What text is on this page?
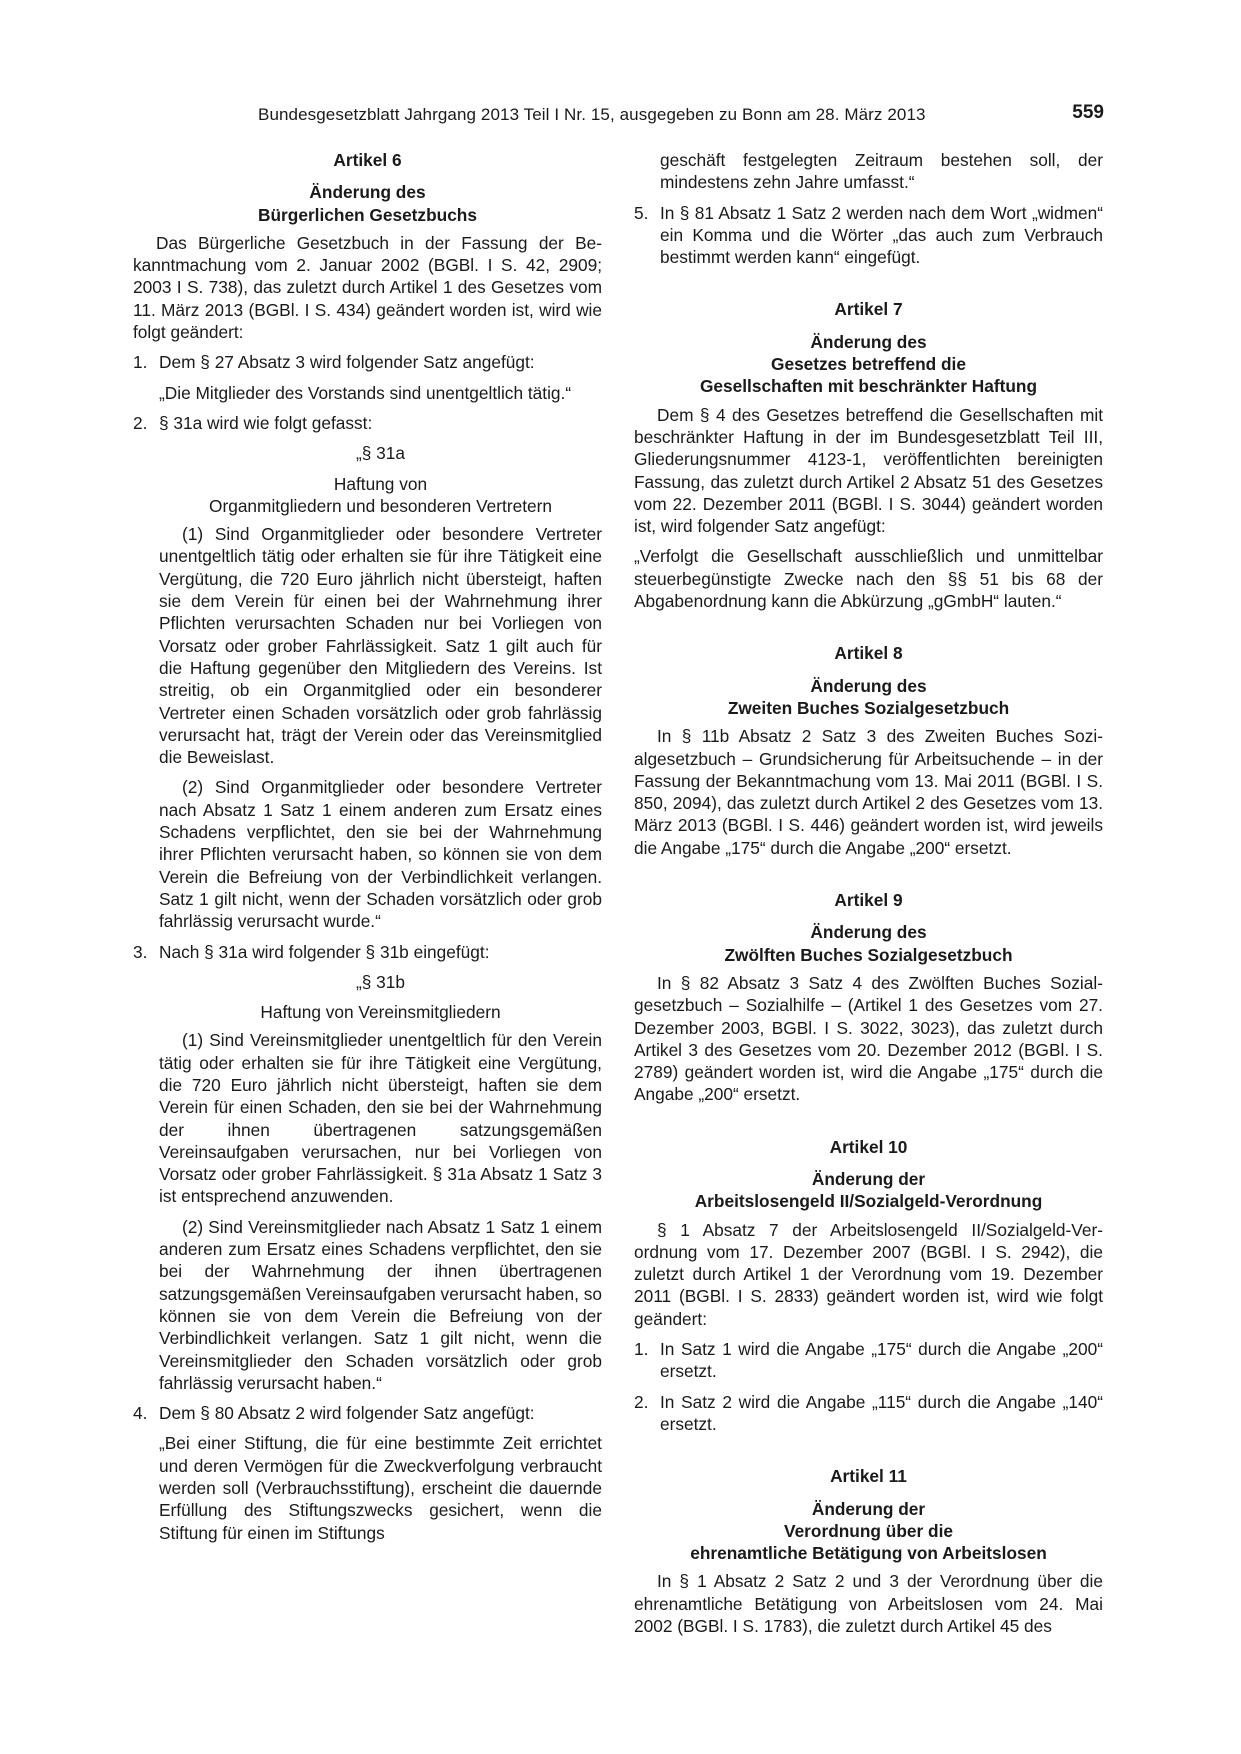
Bundesgesetzblatt Jahrgang 2013 Teil I Nr. 15, ausgegeben zu Bonn am 28. März 2013	559

Artikel 6

Änderung des

Bürgerlichen Gesetzbuchs

Das Bürgerliche Gesetzbuch in der Fassung der Bekanntmachung vom 2. Januar 2002 (BGBl. I S. 42, 2909; 2003 I S. 738), das zuletzt durch Artikel 1 des Gesetzes vom 11. März 2013 (BGBl. I S. 434) geändert worden ist, wird wie folgt geändert:

1. Dem § 27 Absatz 3 wird folgender Satz angefügt:

„Die Mitglieder des Vorstands sind unentgeltlich tätig.“

2. § 31a wird wie folgt gefasst:

„§ 31a

Haftung von

Organmitgliedern und besonderen Vertretern

(1) Sind Organmitglieder oder besondere Vertreter unentgeltlich tätig oder erhalten sie für ihre Tätigkeit eine Vergütung, die 720 Euro jährlich nicht übersteigt, haften sie dem Verein für einen bei der Wahrnehmung ihrer Pflichten verursachten Schaden nur bei Vorliegen von Vorsatz oder grober Fahrlässigkeit. Satz 1 gilt auch für die Haftung gegenüber den Mitgliedern des Vereins. Ist streitig, ob ein Organmitglied oder ein besonderer Vertreter einen Schaden vorsätzlich oder grob fahrlässig verursacht hat, trägt der Verein oder das Vereinsmitglied die Beweislast.

(2) Sind Organmitglieder oder besondere Vertreter nach Absatz 1 Satz 1 einem anderen zum Ersatz eines Schadens verpflichtet, den sie bei der Wahrnehmung ihrer Pflichten verursacht haben, so können sie von dem Verein die Befreiung von der Verbindlichkeit verlangen. Satz 1 gilt nicht, wenn der Schaden vorsätzlich oder grob fahrlässig verursacht wurde.“

3. Nach § 31a wird folgender § 31b eingefügt:

„§ 31b

Haftung von Vereinsmitgliedern

(1) Sind Vereinsmitglieder unentgeltlich für den Verein tätig oder erhalten sie für ihre Tätigkeit eine Vergütung, die 720 Euro jährlich nicht übersteigt, haften sie dem Verein für einen Schaden, den sie bei der Wahrnehmung der ihnen übertragenen satzungsgemäßen Vereinsaufgaben verursachen, nur bei Vorliegen von Vorsatz oder grober Fahrlässigkeit. § 31a Absatz 1 Satz 3 ist entsprechend anzuwenden.

(2) Sind Vereinsmitglieder nach Absatz 1 Satz 1 einem anderen zum Ersatz eines Schadens verpflichtet, den sie bei der Wahrnehmung der ihnen übertragenen satzungsgemäßen Vereinsaufgaben verursacht haben, so können sie von dem Verein die Befreiung von der Verbindlichkeit verlangen. Satz 1 gilt nicht, wenn die Vereinsmitglieder den Schaden vorsätzlich oder grob fahrlässig verursacht haben.“

4. Dem § 80 Absatz 2 wird folgender Satz angefügt:

„Bei einer Stiftung, die für eine bestimmte Zeit errichtet und deren Vermögen für die Zweckverfolgung verbraucht werden soll (Verbrauchsstiftung), erscheint die dauernde Erfüllung des Stiftungszwecks gesichert, wenn die Stiftung für einen im Stiftungs

geschäft festgelegten Zeitraum bestehen soll, der mindestens zehn Jahre umfasst.“

5. In § 81 Absatz 1 Satz 2 werden nach dem Wort „widmen“ ein Komma und die Wörter „das auch zum Verbrauch bestimmt werden kann“ eingefügt.

Artikel 7

Änderung des

Gesetzes betreffend die

Gesellschaften mit beschränkter Haftung

Dem § 4 des Gesetzes betreffend die Gesellschaften mit beschränkter Haftung in der im Bundesgesetzblatt Teil III, Gliederungsnummer 4123-1, veröffentlichten bereinigten Fassung, das zuletzt durch Artikel 2 Absatz 51 des Gesetzes vom 22. Dezember 2011 (BGBl. I S. 3044) geändert worden ist, wird folgender Satz angefügt:

„Verfolgt die Gesellschaft ausschließlich und unmittelbar steuerbegünstigte Zwecke nach den §§ 51 bis 68 der Abgabenordnung kann die Abkürzung „gGmbH“ lauten.“

Artikel 8

Änderung des

Zweiten Buches Sozialgesetzbuch

In § 11b Absatz 2 Satz 3 des Zweiten Buches Sozialgesetzbuch – Grundsicherung für Arbeitsuchende – in der Fassung der Bekanntmachung vom 13. Mai 2011 (BGBl. I S. 850, 2094), das zuletzt durch Artikel 2 des Gesetzes vom 13. März 2013 (BGBl. I S. 446) geändert worden ist, wird jeweils die Angabe „175“ durch die Angabe „200“ ersetzt.

Artikel 9

Änderung des

Zwölften Buches Sozialgesetzbuch

In § 82 Absatz 3 Satz 4 des Zwölften Buches Sozialgesetzbuch – Sozialhilfe – (Artikel 1 des Gesetzes vom 27. Dezember 2003, BGBl. I S. 3022, 3023), das zuletzt durch Artikel 3 des Gesetzes vom 20. Dezember 2012 (BGBl. I S. 2789) geändert worden ist, wird die Angabe „175“ durch die Angabe „200“ ersetzt.

Artikel 10

Änderung der

Arbeitslosengeld II/Sozialgeld-Verordnung

§ 1 Absatz 7 der Arbeitslosengeld II/Sozialgeld-Verordnung vom 17. Dezember 2007 (BGBl. I S. 2942), die zuletzt durch Artikel 1 der Verordnung vom 19. Dezember 2011 (BGBl. I S. 2833) geändert worden ist, wird wie folgt geändert:

1. In Satz 1 wird die Angabe „175“ durch die Angabe „200“ ersetzt.
2. In Satz 2 wird die Angabe „115“ durch die Angabe „140“ ersetzt.

Artikel 11

Änderung der

Verordnung über die

ehrenamtliche Betätigung von Arbeitslosen

In § 1 Absatz 2 Satz 2 und 3 der Verordnung über die ehrenamtliche Betätigung von Arbeitslosen vom 24. Mai 2002 (BGBl. I S. 1783), die zuletzt durch Artikel 45 des
